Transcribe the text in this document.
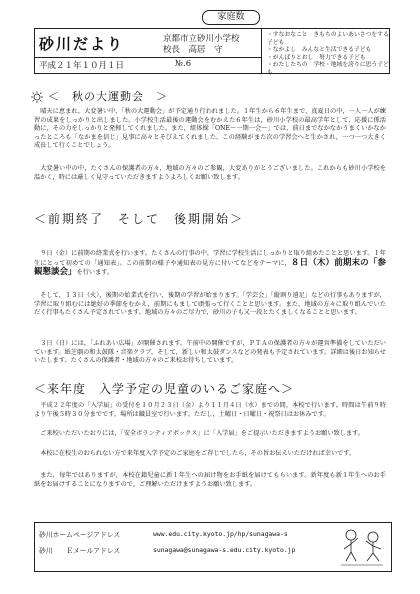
家庭数
砂川だより	京都市立砂川小学校
校長　高居　守
平成２１年１０月１日	№.6
・すなおなこと　きもちのよいあいさつをする子ども
・なかよし　みんなと生活できる子ども
・がんばりとおし　努力できる子ども
・わたしたちの　学校・地域を誇りに思う子ども
＜　秋の大運動会　＞

晴天に恵まれ，大変暑い中，「秋の大運動会」が予定通り行われました。１年生から６年生まで，真夏日の中，一人一人が練習の成果をしっかりと出しました。小学校生活最後の運動会をむかえた６年生は，砂川小学校の最高学年として，応援に係活動に，その力をしっかりと発揮してくれました。また，組体操「ONE〜一期一会〜」では，前日までなかなかうまくいかなかったところも「なかまを信じ」見事に高々とそびえてくれました。この経験がまた次の学習会へと生かされ，一つ一つ大きく成長して行くことでしょう。

大変暑い中の中，たくさんの保護者の方々，地域の方々のご参観，大変ありがとうございました。これからも砂川小学校を温かく，時には厳しく見守っていただきますようよろしくお願い致します。

＜前期終了　そして　後期開始＞

９日（金）に前期の終業式を行います。たくさんの行事の中，学習に学校生活にしっかりと取り組めたことと思います。１年生にとって初めての「通知表」。この前期の様子や通知表の見方に付いてなどをテーマに，８日（木）前期末の「参観懇談会」を行います。

そして，１３日（火），後期の始業式を行い，後期の学習が始まります。「学芸会」「縦割り遠足」などの行事もありますが，学習に取り組むには絶好の季節をむかえ，前期にもまして頑張って行くことと思います。また，地域の方々に取り組んでいただく行事もたくさん予定されています。地域の方々のご尽力で，砂川の子も又一段とたくましくなることと思います。

３日（日）には，「ふれあい広場」が開催されます。午前中の開催ですが，ＰＴＡの保護者の方々が運営準備をしていただいています。紙芝劇の和太鼓隊・音楽クラブ，そして，新しい和太鼓ダンスなどの発表も予定されています。詳細は後日お知らせいたします。たくさんの保護者・地域の方々のご来校お待ちしています。

＜来年度　入学予定の児童のいるご家庭へ＞

平成２２年度の「入学届」の受付を１０月２３日（金）より１１月４日（水）までの間，本校で行います。時間は午前９時より午後５時３０分までです。場所は職員室で行います。ただし，土曜日・日曜日・祝祭日はお休みです。

ご来校いただいたおりには，「安全ボランティアボックス」に「入学届」をご提示いただきますようお願い致します。

本校に在校生のおられない方で来年度入学予定のご家庭をご存じでしたら，その旨お伝えいただければ幸いです。

また，毎年ではありますが，本校在籍児童に新１年生への届け物をお手紙を届けてもらいます。新年度も新１年生へのお手紙をお届けすることになりますので，ご理解いただけますようお願い致します。

砂川ホームページアドレス	www.edu.city.kyoto.jp/hp/sunagawa-s
砂川　　Ｅメールアドレス	sunagawa@sunagawa-s.edu.city.kyoto.jp
